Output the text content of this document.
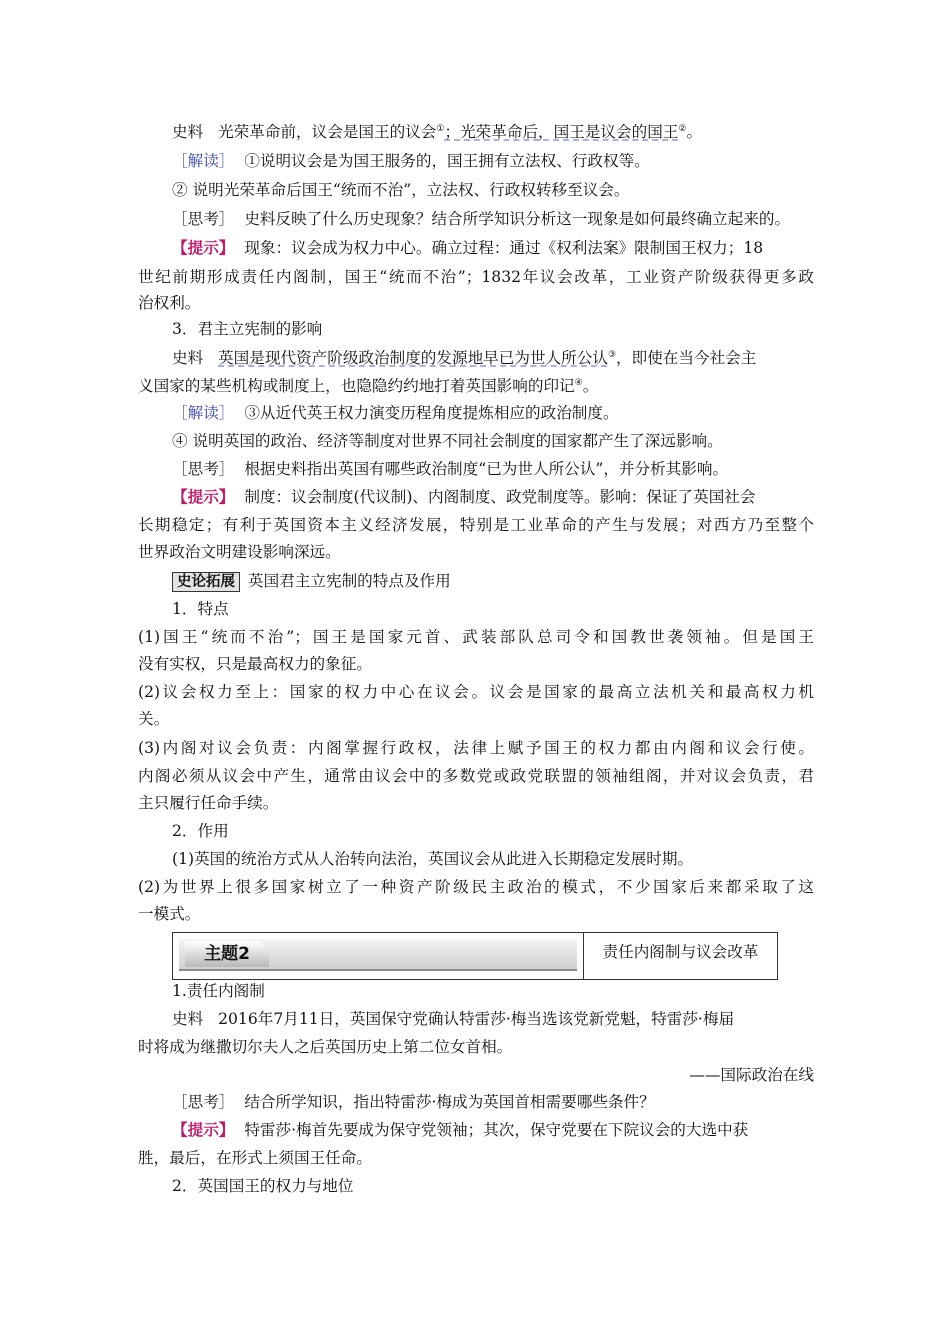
史料 光荣革命前，议会是国王的议会①；光荣革命后，国王是议会的国王②。
［解读］ ①说明议会是为国王服务的，国王拥有立法权、行政权等。
② 说明光荣革命后国王“统而不治”，立法权、行政权转移至议会。
［思考］ 史料反映了什么历史现象？结合所学知识分析这一现象是如何最终确立起来的。
【提示】 现象：议会成为权力中心。确立过程：通过《权利法案》限制国王权力；18
世纪前期形成责任内阁制，国王“统而不治”；1832年议会改革，工业资产阶级获得更多政
治权利。
3．君主立宪制的影响
史料 英国是现代资产阶级政治制度的发源地早已为世人所公认③，即使在当今社会主
义国家的某些机构或制度上，也隐隐约约地打着英国影响的印记④。
［解读］ ③从近代英王权力演变历程角度提炼相应的政治制度。
④ 说明英国的政治、经济等制度对世界不同社会制度的国家都产生了深远影响。
［思考］ 根据史料指出英国有哪些政治制度“已为世人所公认”，并分析其影响。
【提示】 制度：议会制度(代议制)、内阁制度、政党制度等。影响：保证了英国社会
长期稳定；有利于英国资本主义经济发展，特别是工业革命的产生与发展；对西方乃至整个
世界政治文明建设影响深远。
史论拓展 英国君主立宪制的特点及作用
1．特点
(1)国王“统而不治”；国王是国家元首、武装部队总司令和国教世袭领袖。但是国王
没有实权，只是最高权力的象征。
(2)议会权力至上：国家的权力中心在议会。议会是国家的最高立法机关和最高权力机
关。
(3)内阁对议会负责：内阁掌握行政权，法律上赋予国王的权力都由内阁和议会行使。
内阁必须从议会中产生，通常由议会中的多数党或政党联盟的领袖组阁，并对议会负责，君
主只履行任命手续。
2．作用
(1)英国的统治方式从人治转向法治，英国议会从此进入长期稳定发展时期。
(2)为世界上很多国家树立了一种资产阶级民主政治的模式，不少国家后来都采取了这
一模式。
主题2	责任内阁制与议会改革
1.责任内阁制
史料 2016年7月11日，英国保守党确认特雷莎·梅当选该党新党魁，特雷莎·梅届
时将成为继撒切尔夫人之后英国历史上第二位女首相。
——国际政治在线
［思考］ 结合所学知识，指出特雷莎·梅成为英国首相需要哪些条件？
【提示】 特雷莎·梅首先要成为保守党领袖；其次，保守党要在下院议会的大选中获
胜，最后，在形式上须国王任命。
2．英国国王的权力与地位
